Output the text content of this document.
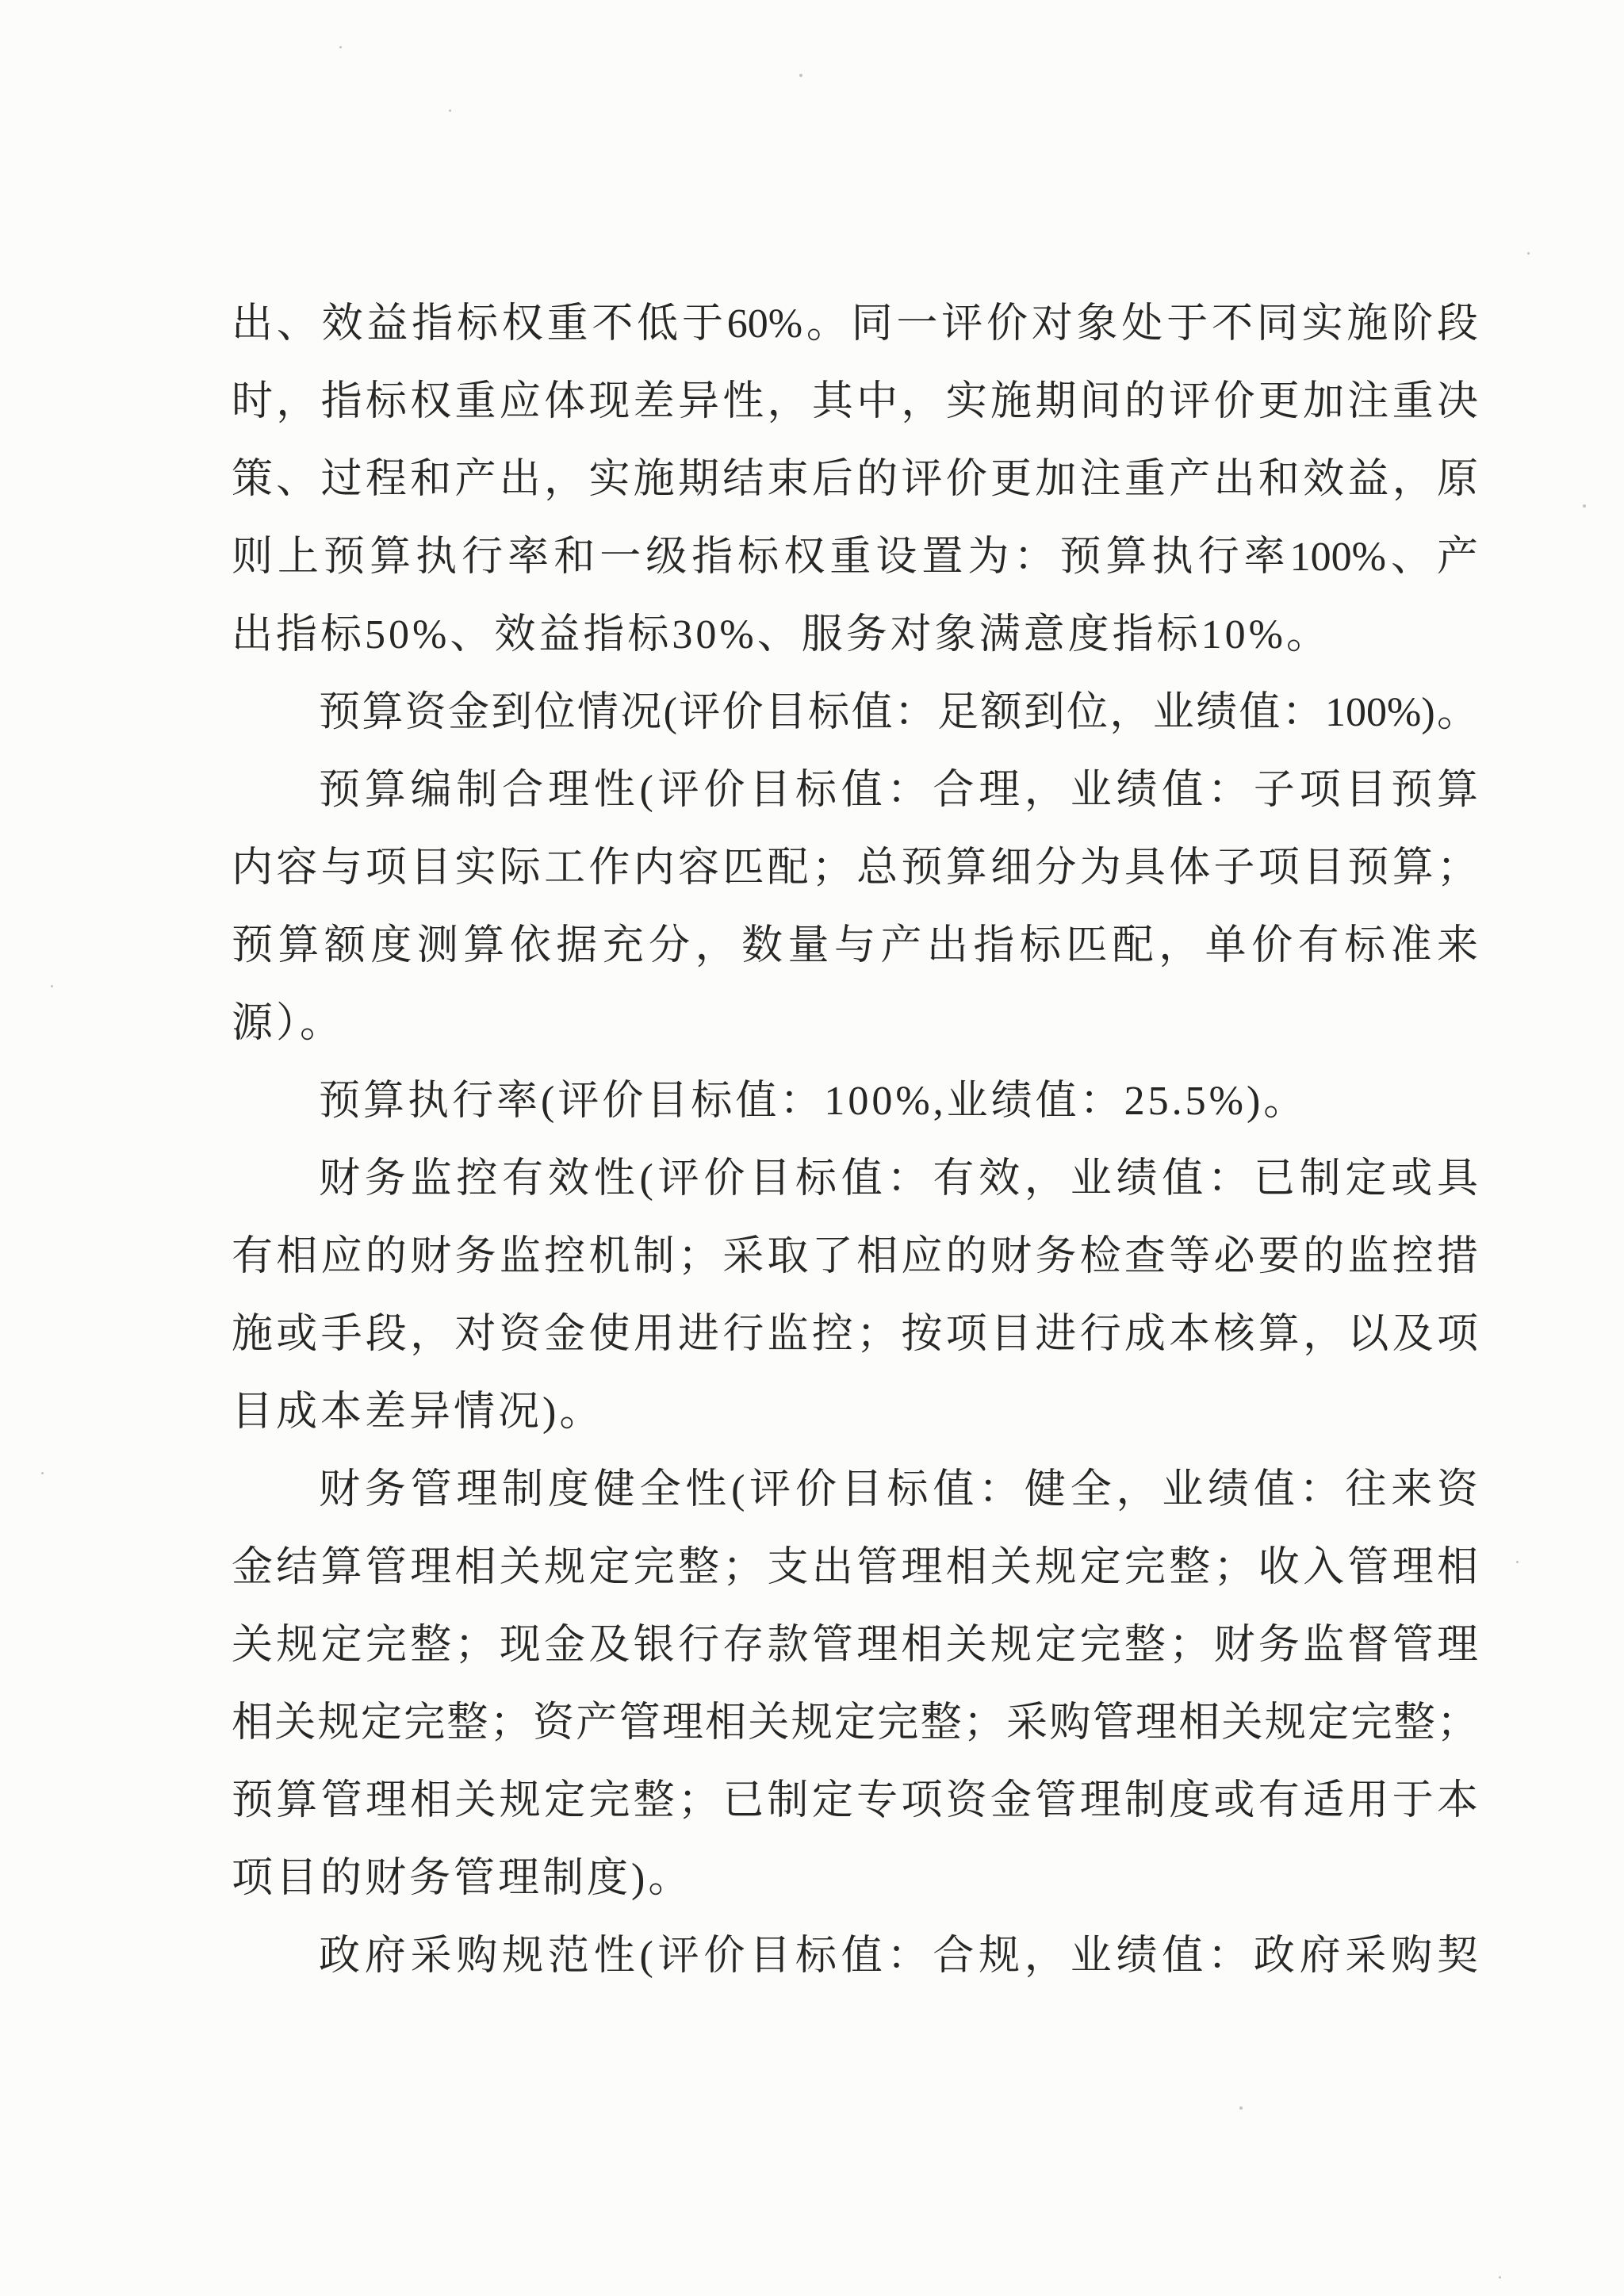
出、效益指标权重不低于60%。同一评价对象处于不同实施阶段
时，指标权重应体现差异性，其中，实施期间的评价更加注重决
策、过程和产出，实施期结束后的评价更加注重产出和效益，原
则上预算执行率和一级指标权重设置为：预算执行率100%、产
出指标50%、效益指标30%、服务对象满意度指标10%。
预算资金到位情况(评价目标值：足额到位，业绩值：100%)。
预算编制合理性(评价目标值：合理，业绩值：子项目预算
内容与项目实际工作内容匹配；总预算细分为具体子项目预算；
预算额度测算依据充分，数量与产出指标匹配，单价有标准来
源）。
预算执行率(评价目标值：100%,业绩值：25.5%)。
财务监控有效性(评价目标值：有效，业绩值：已制定或具
有相应的财务监控机制；采取了相应的财务检查等必要的监控措
施或手段，对资金使用进行监控；按项目进行成本核算，以及项
目成本差异情况)。
财务管理制度健全性(评价目标值：健全，业绩值：往来资
金结算管理相关规定完整；支出管理相关规定完整；收入管理相
关规定完整；现金及银行存款管理相关规定完整；财务监督管理
相关规定完整；资产管理相关规定完整；采购管理相关规定完整；
预算管理相关规定完整；已制定专项资金管理制度或有适用于本
项目的财务管理制度)。
政府采购规范性(评价目标值：合规，业绩值：政府采购契
